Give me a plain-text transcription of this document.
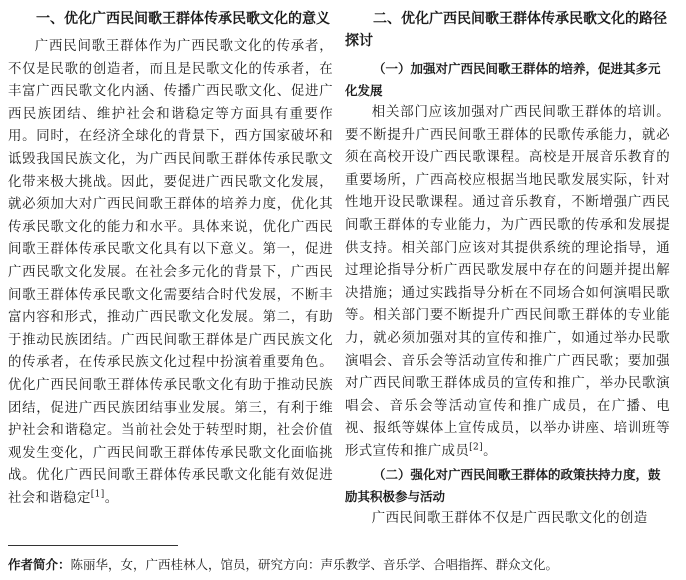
一、优化广西民间歌王群体传承民歌文化的意义

广西民间歌王群体作为广西民歌文化的传承者，不仅是民歌的创造者，而且是民歌文化的传承者，在丰富广西民歌文化内涵、传播广西民歌文化、促进广西民族团结、维护社会和谐稳定等方面具有重要作用。同时，在经济全球化的背景下，西方国家破坏和诋毁我国民族文化，为广西民间歌王群体传承民歌文化带来极大挑战。因此，要促进广西民歌文化发展，就必须加大对广西民间歌王群体的培养力度，优化其传承民歌文化的能力和水平。具体来说，优化广西民间歌王群体传承民歌文化具有以下意义。第一，促进广西民歌文化发展。在社会多元化的背景下，广西民间歌王群体传承民歌文化需要结合时代发展，不断丰富内容和形式，推动广西民歌文化发展。第二，有助于推动民族团结。广西民间歌王群体是广西民族文化的传承者，在传承民族文化过程中扮演着重要角色。优化广西民间歌王群体传承民歌文化有助于推动民族团结，促进广西民族团结事业发展。第三，有利于维护社会和谐稳定。当前社会处于转型时期，社会价值观发生变化，广西民间歌王群体传承民歌文化面临挑战。优化广西民间歌王群体传承民歌文化能有效促进社会和谐稳定[1]。

二、优化广西民间歌王群体传承民歌文化的路径探讨
（一）加强对广西民间歌王群体的培养，促进其多元化发展

相关部门应该加强对广西民间歌王群体的培训。要不断提升广西民间歌王群体的民歌传承能力，就必须在高校开设广西民歌课程。高校是开展音乐教育的重要场所，广西高校应根据当地民歌发展实际，针对性地开设民歌课程。通过音乐教育，不断增强广西民间歌王群体的专业能力，为广西民歌的传承和发展提供支持。相关部门应该对其提供系统的理论指导，通过理论指导分析广西民歌发展中存在的问题并提出解决措施；通过实践指导分析在不同场合如何演唱民歌等。相关部门要不断提升广西民间歌王群体的专业能力，就必须加强对其的宣传和推广，如通过举办民歌演唱会、音乐会等活动宣传和推广广西民歌；要加强对广西民间歌王群体成员的宣传和推广，举办民歌演唱会、音乐会等活动宣传和推广成员，在广播、电视、报纸等媒体上宣传成员，以举办讲座、培训班等形式宣传和推广成员[2]。

（二）强化对广西民间歌王群体的政策扶持力度，鼓励其积极参与活动

广西民间歌王群体不仅是广西民歌文化的创造

作者简介：陈丽华，女，广西桂林人，馆员，研究方向：声乐教学、音乐学、合唱指挥、群众文化。
